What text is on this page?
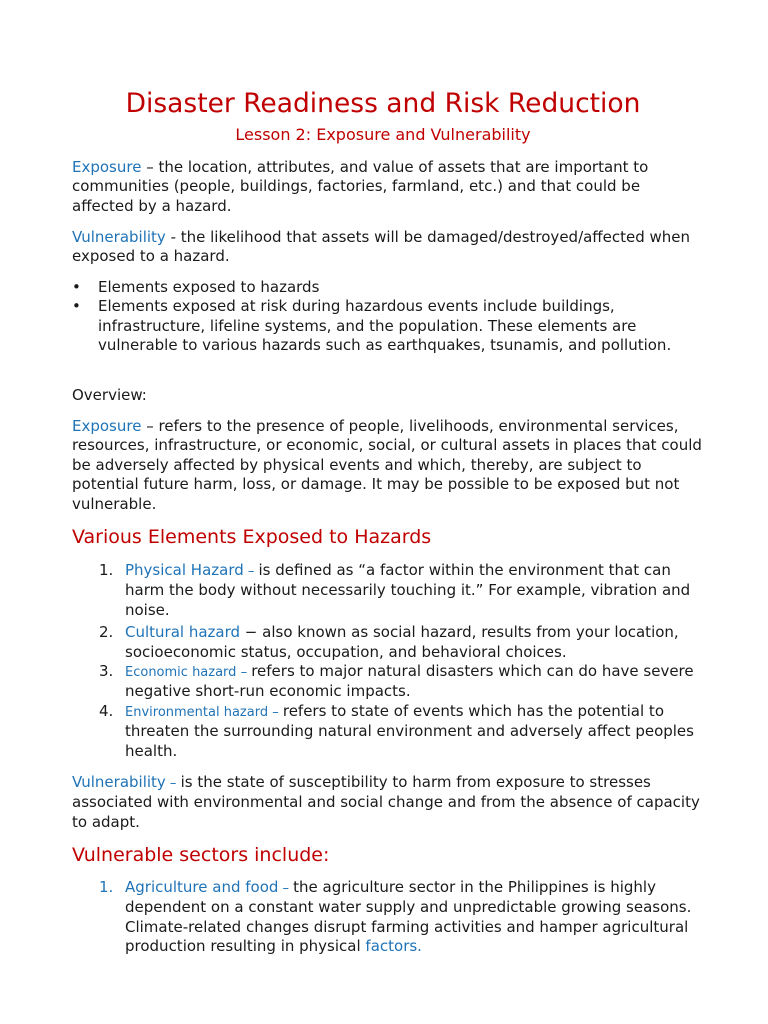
Disaster Readiness and Risk Reduction
Lesson 2: Exposure and Vulnerability
Exposure – the location, attributes, and value of assets that are important to communities (people, buildings, factories, farmland, etc.) and that could be affected by a hazard.
Vulnerability - the likelihood that assets will be damaged/destroyed/affected when exposed to a hazard.
• Elements exposed to hazards
• Elements exposed at risk during hazardous events include buildings, infrastructure, lifeline systems, and the population. These elements are vulnerable to various hazards such as earthquakes, tsunamis, and pollution.
Overview:
Exposure – refers to the presence of people, livelihoods, environmental services, resources, infrastructure, or economic, social, or cultural assets in places that could be adversely affected by physical events and which, thereby, are subject to potential future harm, loss, or damage. It may be possible to be exposed but not vulnerable.
Various Elements Exposed to Hazards
1. Physical Hazard – is defined as “a factor within the environment that can harm the body without necessarily touching it.” For example, vibration and noise.
2. Cultural hazard − also known as social hazard, results from your location, socioeconomic status, occupation, and behavioral choices.
3. Economic hazard – refers to major natural disasters which can do have severe negative short-run economic impacts.
4. Environmental hazard – refers to state of events which has the potential to threaten the surrounding natural environment and adversely affect peoples health.
Vulnerability – is the state of susceptibility to harm from exposure to stresses associated with environmental and social change and from the absence of capacity to adapt.
Vulnerable sectors include:
1. Agriculture and food – the agriculture sector in the Philippines is highly dependent on a constant water supply and unpredictable growing seasons. Climate-related changes disrupt farming activities and hamper agricultural production resulting in physical factors.
